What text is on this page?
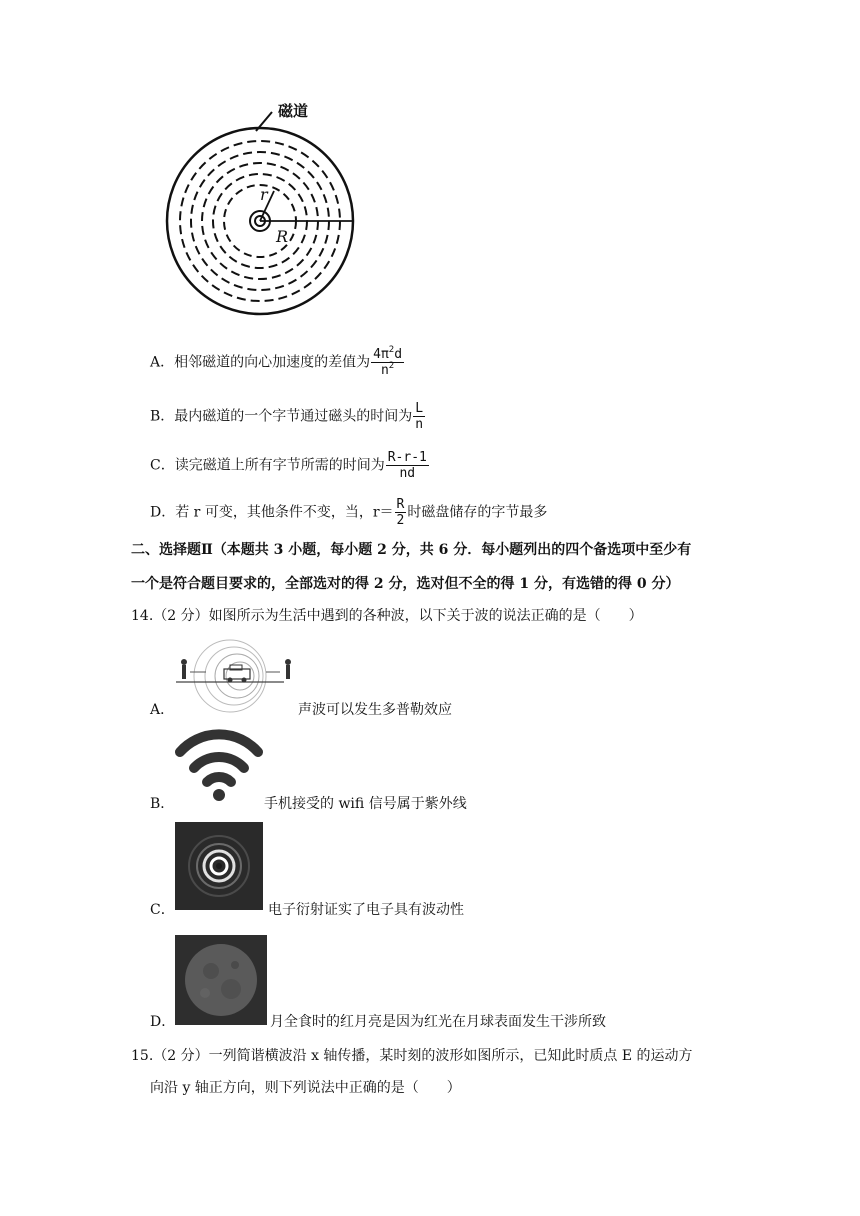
磁道
r
R
A．相邻磁道的向心加速度的差值为 $\frac{4\pi^2d}{n^2}$
B．最内磁道的一个字节通过磁头的时间为 $\frac{L}{n}$
C．读完磁道上所有字节所需的时间为 $\frac{R-r-1}{nd}$
D．若 r 可变，其他条件不变，当，$r= \frac{R}{2}$ 时磁盘储存的字节最多
二、选择题Ⅱ（本题共 3 小题，每小题 2 分，共 6 分．每小题列出的四个备选项中至少有
一个是符合题目要求的，全部选对的得 2 分，选对但不全的得 1 分，有选错的得 0 分）
14.（2 分）如图所示为生活中遇到的各种波，以下关于波的说法正确的是（　　）
A．	声波可以发生多普勒效应
B．	手机接受的 wifi 信号属于紫外线
C．	电子衍射证实了电子具有波动性
D．	月全食时的红月亮是因为红光在月球表面发生干涉所致
15.（2 分）一列简谐横波沿 x 轴传播，某时刻的波形如图所示，已知此时质点 E 的运动方
向沿 y 轴正方向，则下列说法中正确的是（　　）
